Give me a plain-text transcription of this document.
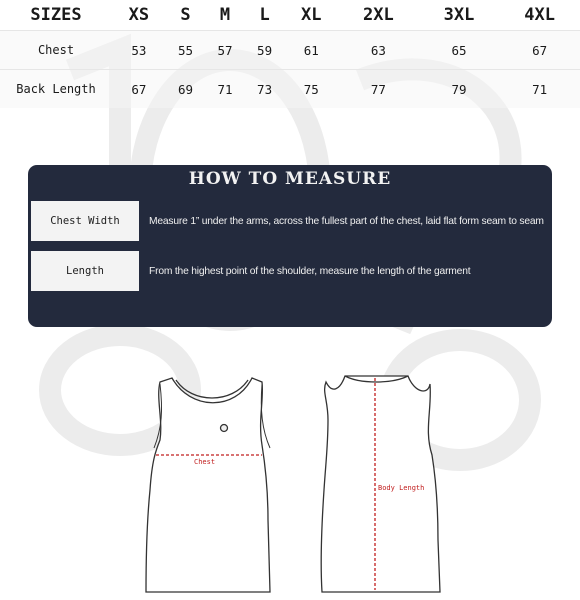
SIZES	XS	S	M	L	XL	2XL	3XL	4XL
Chest	53	55	57	59	61	63	65	67
Back Length	67	69	71	73	75	77	79	71
HOW TO MEASURE
Chest Width	Measure 1” under the arms, across the fullest part of the chest, laid flat form seam to seam
Length	From the highest point of the shoulder, measure the length of the garment
Chest
Body Length
